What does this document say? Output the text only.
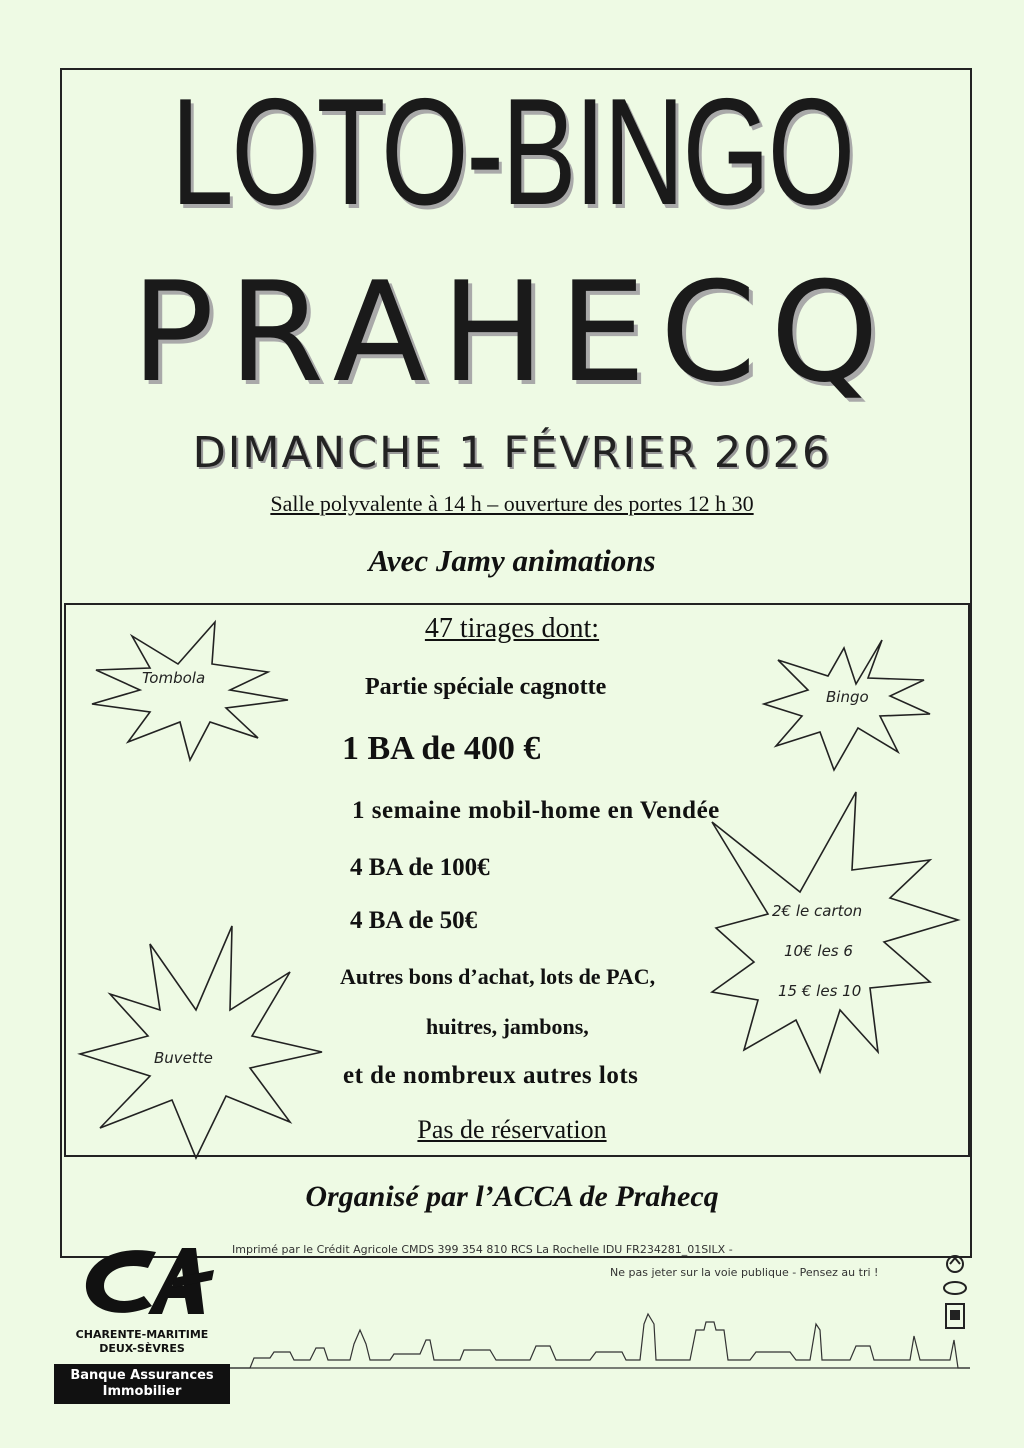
LOTO-BINGO
PRAHECQ
DIMANCHE 1 FÉVRIER 2026
Salle polyvalente à 14 h – ouverture des portes 12 h 30
Avec Jamy animations
Tombola
Bingo
Buvette
2€ le carton
10€ les 6
15 € les 10
47 tirages dont:
Partie spéciale cagnotte
1 BA de 400 €
1 semaine mobil-home en Vendée
4 BA de 100€
4 BA de 50€
Autres bons d’achat, lots de PAC,
huitres, jambons,
et de nombreux autres lots
Pas de réservation
Organisé par l’ACCA de Prahecq
CHARENTE-MARITIME
DEUX-SÈVRES
Banque Assurances
Immobilier
Imprimé par le Crédit Agricole CMDS 399 354 810 RCS La Rochelle IDU FR234281_01SILX -
Ne pas jeter sur la voie publique - Pensez au tri !
